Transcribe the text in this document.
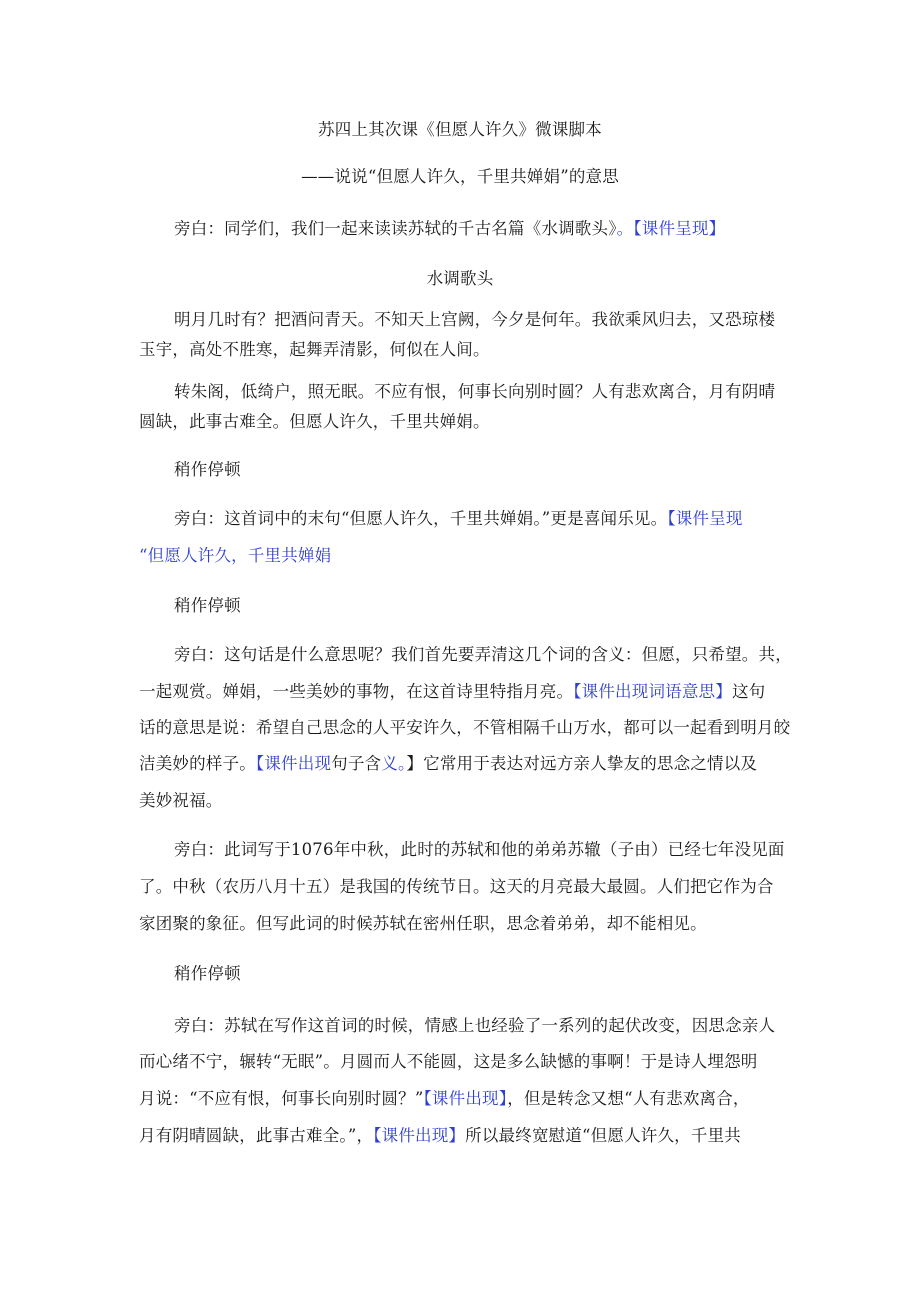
苏四上其次课《但愿人许久》微课脚本
——说说“但愿人许久，千里共婵娟”的意思
旁白：同学们，我们一起来读读苏轼的千古名篇《水调歌头》。【课件呈现】
水调歌头
明月几时有？把酒问青天。不知天上宫阙，今夕是何年。我欲乘风归去，又恐琼楼
玉宇，高处不胜寒，起舞弄清影，何似在人间。
转朱阁，低绮户，照无眠。不应有恨，何事长向别时圆？人有悲欢离合，月有阴晴
圆缺，此事古难全。但愿人许久，千里共婵娟。
稍作停顿
旁白：这首词中的末句“但愿人许久，千里共婵娟。”更是喜闻乐见。【课件呈现
“但愿人许久，千里共婵娟
稍作停顿
旁白：这句话是什么意思呢？我们首先要弄清这几个词的含义：但愿，只希望。共，
一起观赏。婵娟，一些美妙的事物，在这首诗里特指月亮。【课件出现词语意思】这句
话的意思是说：希望自己思念的人平安许久，不管相隔千山万水，都可以一起看到明月皎
洁美妙的样子。【课件出现句子含义。】它常用于表达对远方亲人挚友的思念之情以及
美妙祝福。
旁白：此词写于1076年中秋，此时的苏轼和他的弟弟苏辙（子由）已经七年没见面
了。中秋（农历八月十五）是我国的传统节日。这天的月亮最大最圆。人们把它作为合
家团聚的象征。但写此词的时候苏轼在密州任职，思念着弟弟，却不能相见。
稍作停顿
旁白：苏轼在写作这首词的时候，情感上也经验了一系列的起伏改变，因思念亲人
而心绪不宁，辗转“无眠”。月圆而人不能圆，这是多么缺憾的事啊！于是诗人埋怨明
月说：“不应有恨，何事长向别时圆？”【课件出现】，但是转念又想“人有悲欢离合，
月有阴晴圆缺，此事古难全。”，【课件出现】所以最终宽慰道“但愿人许久，千里共
